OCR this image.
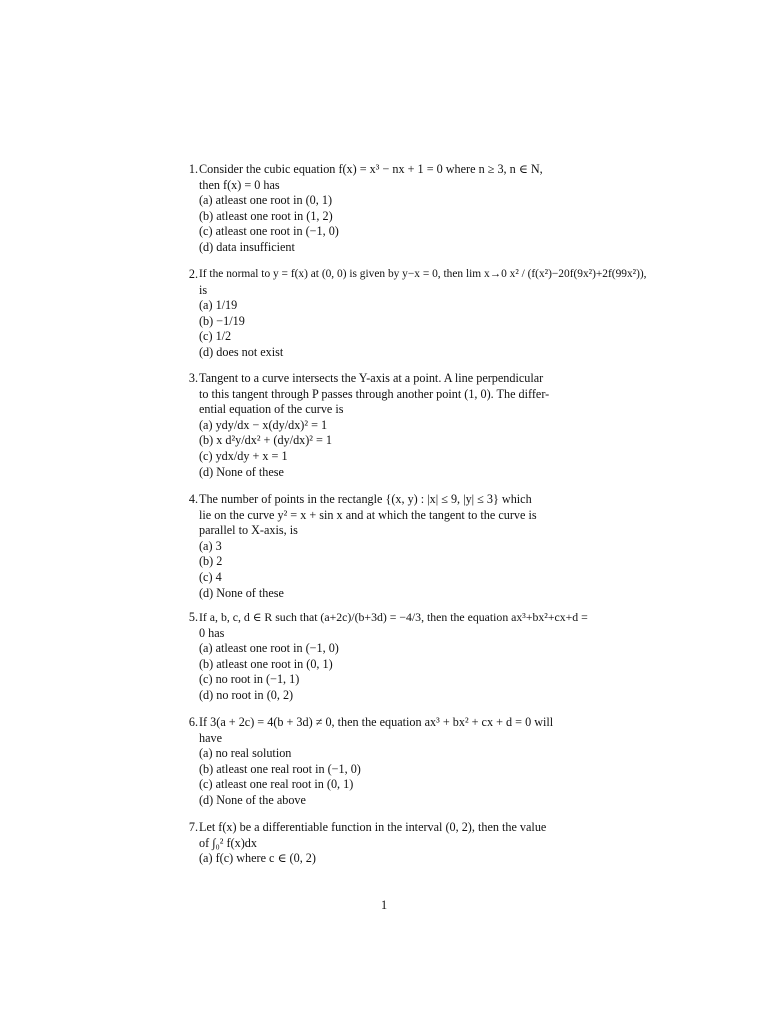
1. Consider the cubic equation f(x) = x³ − nx + 1 = 0 where n ≥ 3, n ∈ N,
then f(x) = 0 has
(a) atleast one root in (0, 1)
(b) atleast one root in (1, 2)
(c) atleast one root in (−1, 0)
(d) data insufficient
2. If the normal to y = f(x) at (0, 0) is given by y−x = 0, then lim x→0 x² / (f(x²)−20f(9x²)+2f(99x²)),
is
(a) 1/19
(b) −1/19
(c) 1/2
(d) does not exist
3. Tangent to a curve intersects the Y-axis at a point. A line perpendicular
to this tangent through P passes through another point (1, 0). The differ-
ential equation of the curve is
(a) ydy/dx − x(dy/dx)² = 1
(b) x d²y/dx² + (dy/dx)² = 1
(c) ydx/dy + x = 1
(d) None of these
4. The number of points in the rectangle {(x, y) : |x| ≤ 9, |y| ≤ 3} which
lie on the curve y² = x + sin x and at which the tangent to the curve is
parallel to X-axis, is
(a) 3
(b) 2
(c) 4
(d) None of these
5. If a, b, c, d ∈ R such that (a+2c)/(b+3d) = −4/3, then the equation ax³+bx²+cx+d =
0 has
(a) atleast one root in (−1, 0)
(b) atleast one root in (0, 1)
(c) no root in (−1, 1)
(d) no root in (0, 2)
6. If 3(a + 2c) = 4(b + 3d) ≠ 0, then the equation ax³ + bx² + cx + d = 0 will
have
(a) no real solution
(b) atleast one real root in (−1, 0)
(c) atleast one real root in (0, 1)
(d) None of the above
7. Let f(x) be a differentiable function in the interval (0, 2), then the value
of ∫₀² f(x)dx
(a) f(c) where c ∈ (0, 2)
1
